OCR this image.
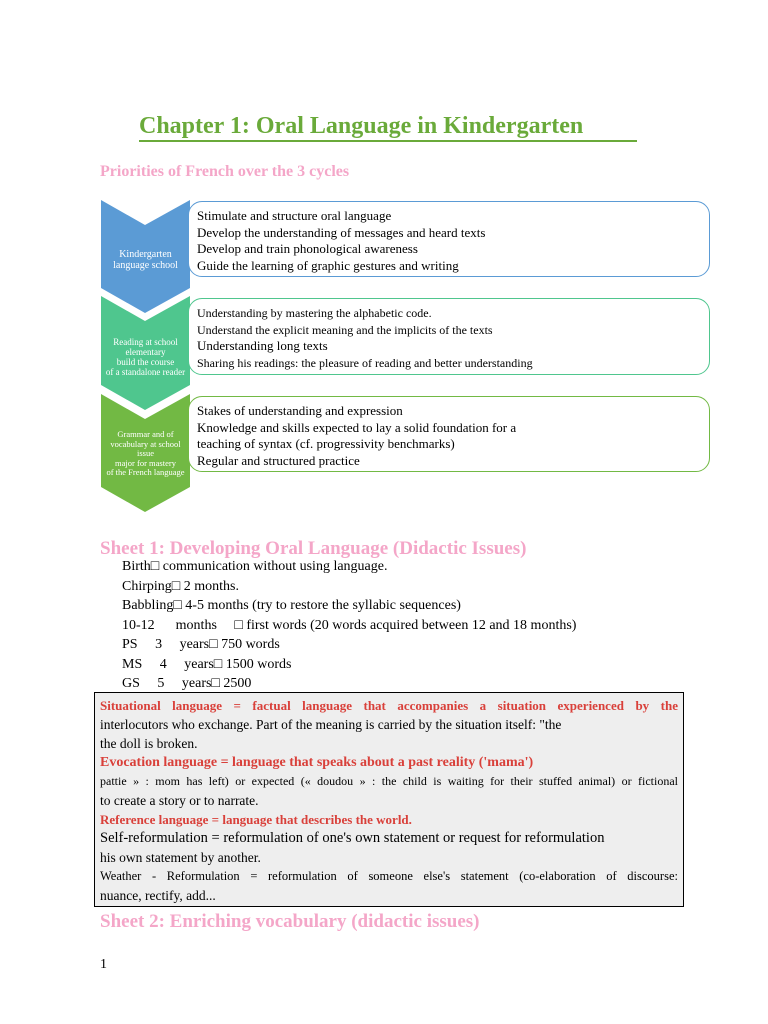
Chapter 1: Oral Language in Kindergarten
Priorities of French over the 3 cycles
Kindergarten
language school
Stimulate and structure oral language
Develop the understanding of messages and heard texts
Develop and train phonological awareness
Guide the learning of graphic gestures and writing
Reading at school
elementary
build the course
of a standalone reader
Understanding by mastering the alphabetic code.
Understand the explicit meaning and the implicits of the texts
Understanding long texts
Sharing his readings: the pleasure of reading and better understanding
Grammar and of
vocabulary at school
issue
major for mastery
of the French language
Stakes of understanding and expression
Knowledge and skills expected to lay a solid foundation for a
teaching of syntax (cf. progressivity benchmarks)
Regular and structured practice
Sheet 1: Developing Oral Language (Didactic Issues)
Birth□ communication without using language.
Chirping□ 2 months.
Babbling□ 4-5 months (try to restore the syllabic sequences)
10-12      months     □ first words (20 words acquired between 12 and 18 months)
PS     3     years□ 750 words
MS     4     years□ 1500 words
GS     5     years□ 2500
Situational language = factual language that accompanies a situation experienced by the
interlocutors who exchange. Part of the meaning is carried by the situation itself: "the
the doll is broken.
Evocation language = language that speaks about a past reality ('mama')
pattie » : mom has left) or expected (« doudou » : the child is waiting for their stuffed animal) or fictional
to create a story or to narrate.
Reference language = language that describes the world.
Self-reformulation = reformulation of one's own statement or request for reformulation
his own statement by another.
Weather - Reformulation = reformulation of someone else's statement (co-elaboration of discourse:
nuance, rectify, add...
Sheet 2: Enriching vocabulary (didactic issues)
1
